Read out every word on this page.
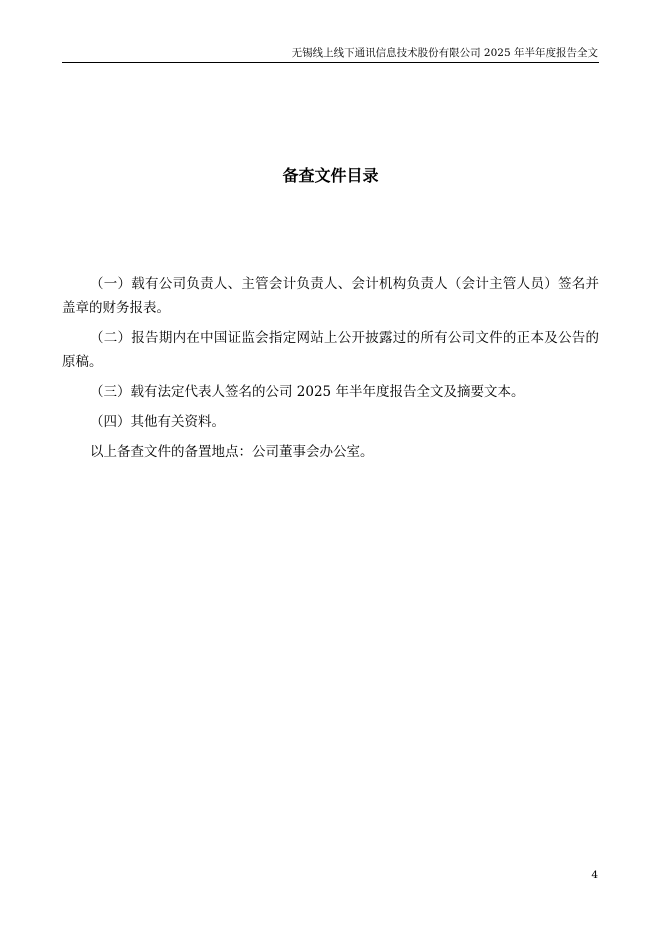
无锡线上线下通讯信息技术股份有限公司 2025 年半年度报告全文
备查文件目录

（一）载有公司负责人、主管会计负责人、会计机构负责人（会计主管人员）签名并盖章的财务报表。

（二）报告期内在中国证监会指定网站上公开披露过的所有公司文件的正本及公告的原稿。

（三）载有法定代表人签名的公司 2025 年半年度报告全文及摘要文本。

（四）其他有关资料。

以上备查文件的备置地点：公司董事会办公室。

4
